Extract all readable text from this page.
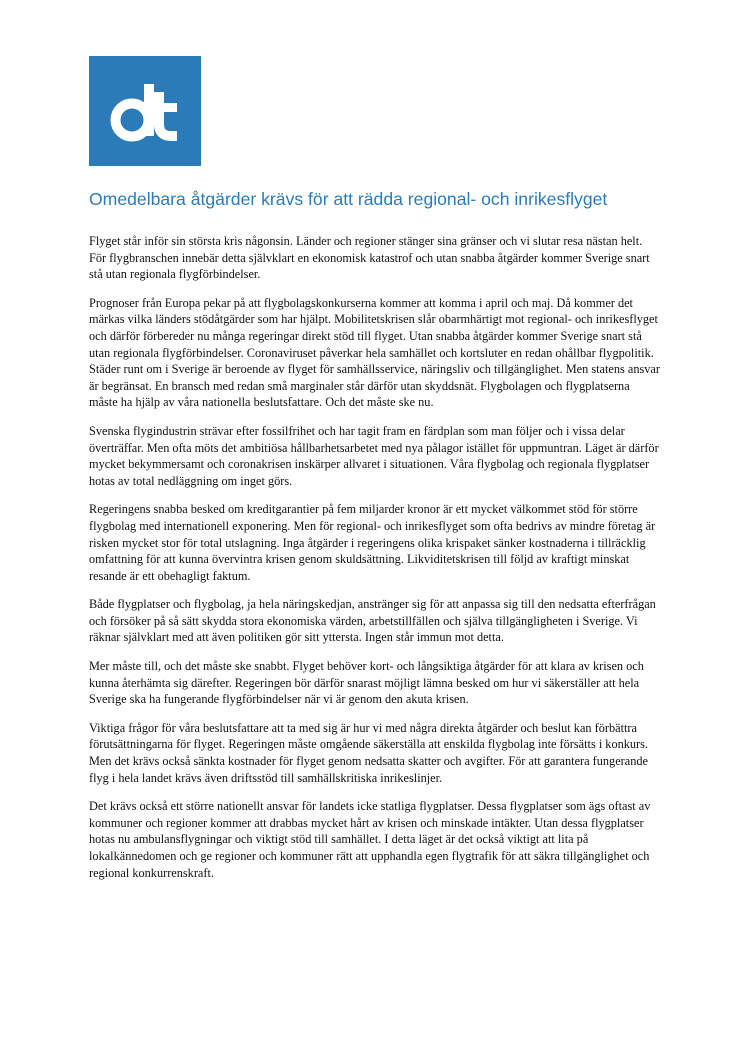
Omedelbara åtgärder krävs för att rädda regional- och inrikesflyget

Flyget står inför sin största kris någonsin. Länder och regioner stänger sina gränser och vi slutar resa nästan helt. För flygbranschen innebär detta självklart en ekonomisk katastrof och utan snabba åtgärder kommer Sverige snart stå utan regionala flygförbindelser.

Prognoser från Europa pekar på att flygbolagskonkurserna kommer att komma i april och maj. Då kommer det märkas vilka länders stödåtgärder som har hjälpt. Mobilitetskrisen slår obarmhärtigt mot regional- och inrikesflyget och därför förbereder nu många regeringar direkt stöd till flyget. Utan snabba åtgärder kommer Sverige snart stå utan regionala flygförbindelser. Coronaviruset påverkar hela samhället och kortsluter en redan ohållbar flygpolitik. Städer runt om i Sverige är beroende av flyget för samhällsservice, näringsliv och tillgänglighet. Men statens ansvar är begränsat. En bransch med redan små marginaler står därför utan skyddsnät. Flygbolagen och flygplatserna måste ha hjälp av våra nationella beslutsfattare. Och det måste ske nu.

Svenska flygindustrin strävar efter fossilfrihet och har tagit fram en färdplan som man följer och i vissa delar överträffar. Men ofta möts det ambitiösa hållbarhetsarbetet med nya pålagor istället för uppmuntran. Läget är därför mycket bekymmersamt och coronakrisen inskärper allvaret i situationen. Våra flygbolag och regionala flygplatser hotas av total nedläggning om inget görs.

Regeringens snabba besked om kreditgarantier på fem miljarder kronor är ett mycket välkommet stöd för större flygbolag med internationell exponering. Men för regional- och inrikesflyget som ofta bedrivs av mindre företag är risken mycket stor för total utslagning. Inga åtgärder i regeringens olika krispaket sänker kostnaderna i tillräcklig omfattning för att kunna övervintra krisen genom skuldsättning. Likviditetskrisen till följd av kraftigt minskat resande är ett obehagligt faktum.

Både flygplatser och flygbolag, ja hela näringskedjan, anstränger sig för att anpassa sig till den nedsatta efterfrågan och försöker på så sätt skydda stora ekonomiska värden, arbetstillfällen och själva tillgängligheten i Sverige. Vi räknar självklart med att även politiken gör sitt yttersta. Ingen står immun mot detta.

Mer måste till, och det måste ske snabbt. Flyget behöver kort- och långsiktiga åtgärder för att klara av krisen och kunna återhämta sig därefter. Regeringen bör därför snarast möjligt lämna besked om hur vi säkerställer att hela Sverige ska ha fungerande flygförbindelser när vi är genom den akuta krisen.

Viktiga frågor för våra beslutsfattare att ta med sig är hur vi med några direkta åtgärder och beslut kan förbättra förutsättningarna för flyget. Regeringen måste omgående säkerställa att enskilda flygbolag inte försätts i konkurs. Men det krävs också sänkta kostnader för flyget genom nedsatta skatter och avgifter. För att garantera fungerande flyg i hela landet krävs även driftsstöd till samhällskritiska inrikeslinjer.

Det krävs också ett större nationellt ansvar för landets icke statliga flygplatser. Dessa flygplatser som ägs oftast av kommuner och regioner kommer att drabbas mycket hårt av krisen och minskade intäkter. Utan dessa flygplatser hotas nu ambulansflygningar och viktigt stöd till samhället. I detta läget är det också viktigt att lita på lokalkännedomen och ge regioner och kommuner rätt att upphandla egen flygtrafik för att säkra tillgänglighet och regional konkurrenskraft.
